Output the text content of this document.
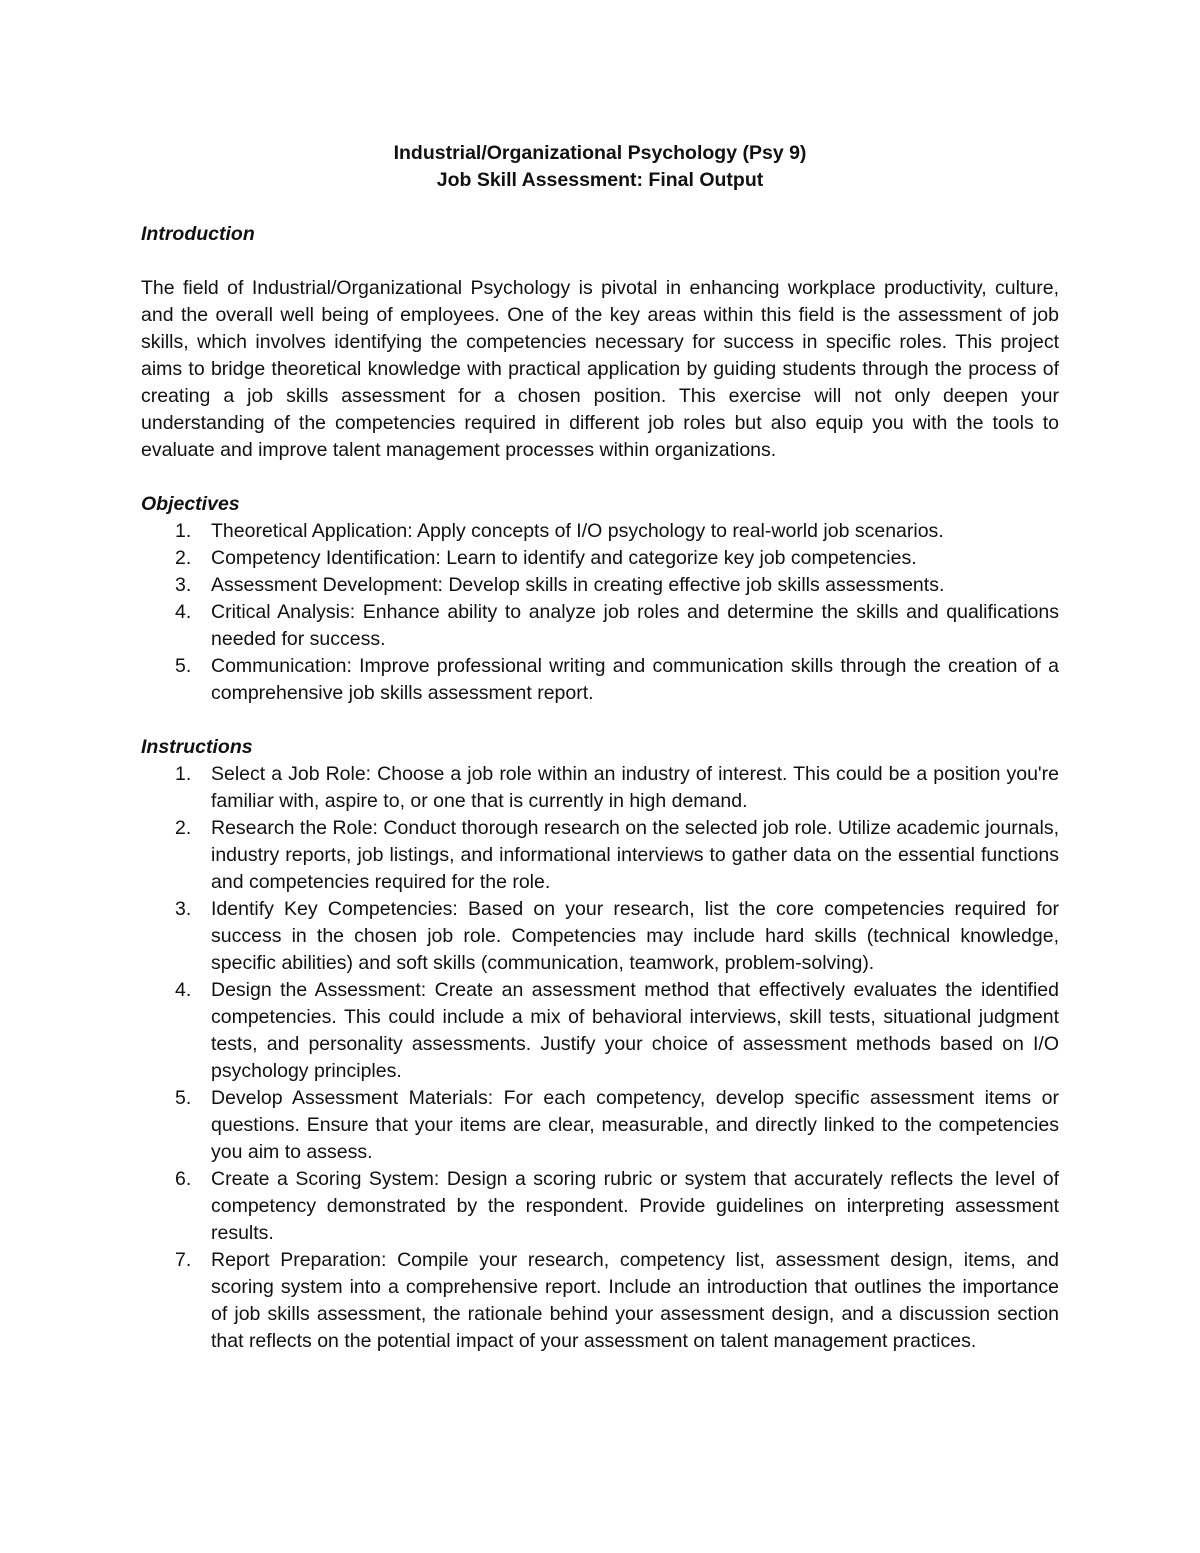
Industrial/Organizational Psychology (Psy 9)
Job Skill Assessment: Final Output
Introduction

The field of Industrial/Organizational Psychology is pivotal in enhancing workplace productivity, culture, and the overall well being of employees. One of the key areas within this field is the assessment of job skills, which involves identifying the competencies necessary for success in specific roles. This project aims to bridge theoretical knowledge with practical application by guiding students through the process of creating a job skills assessment for a chosen position. This exercise will not only deepen your understanding of the competencies required in different job roles but also equip you with the tools to evaluate and improve talent management processes within organizations.

Objectives
1. Theoretical Application: Apply concepts of I/O psychology to real-world job scenarios.
2. Competency Identification: Learn to identify and categorize key job competencies.
3. Assessment Development: Develop skills in creating effective job skills assessments.
4. Critical Analysis: Enhance ability to analyze job roles and determine the skills and qualifications needed for success.
5. Communication: Improve professional writing and communication skills through the creation of a comprehensive job skills assessment report.
Instructions
1. Select a Job Role: Choose a job role within an industry of interest. This could be a position you're familiar with, aspire to, or one that is currently in high demand.
2. Research the Role: Conduct thorough research on the selected job role. Utilize academic journals, industry reports, job listings, and informational interviews to gather data on the essential functions and competencies required for the role.
3. Identify Key Competencies: Based on your research, list the core competencies required for success in the chosen job role. Competencies may include hard skills (technical knowledge, specific abilities) and soft skills (communication, teamwork, problem-solving).
4. Design the Assessment: Create an assessment method that effectively evaluates the identified competencies. This could include a mix of behavioral interviews, skill tests, situational judgment tests, and personality assessments. Justify your choice of assessment methods based on I/O psychology principles.
5. Develop Assessment Materials: For each competency, develop specific assessment items or questions. Ensure that your items are clear, measurable, and directly linked to the competencies you aim to assess.
6. Create a Scoring System: Design a scoring rubric or system that accurately reflects the level of competency demonstrated by the respondent. Provide guidelines on interpreting assessment results.
7. Report Preparation: Compile your research, competency list, assessment design, items, and scoring system into a comprehensive report. Include an introduction that outlines the importance of job skills assessment, the rationale behind your assessment design, and a discussion section that reflects on the potential impact of your assessment on talent management practices.
